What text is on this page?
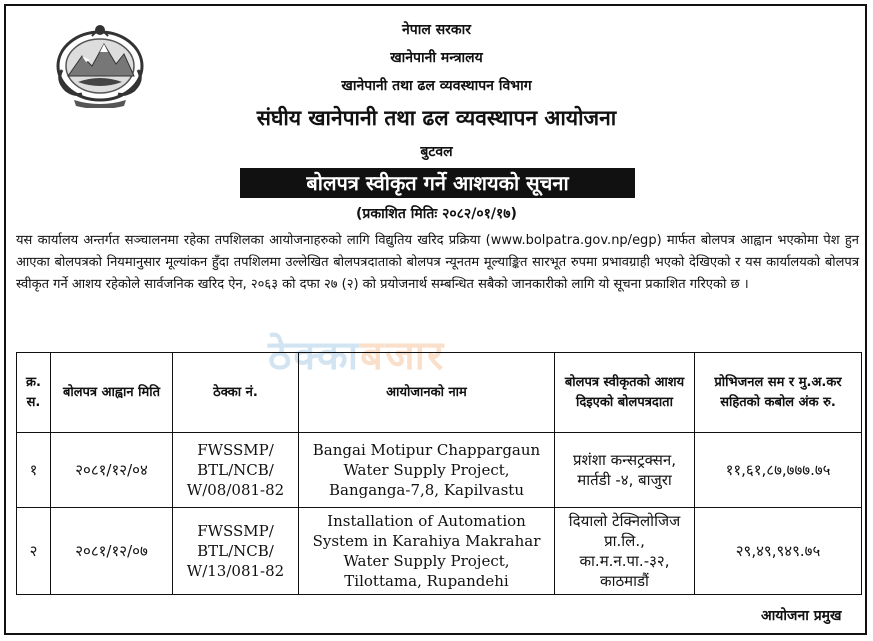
नेपाल सरकार
खानेपानी मन्त्रालय
खानेपानी तथा ढल व्यवस्थापन विभाग
संघीय खानेपानी तथा ढल व्यवस्थापन आयोजना
बुटवल
बोलपत्र स्वीकृत गर्ने आशयको सूचना
(प्रकाशित मितिः २०८२/०१/१७)
यस कार्यालय अन्तर्गत सञ्चालनमा रहेका तपशिलका आयोजनाहरुको लागि विद्युतिय खरिद प्रक्रिया (www.bolpatra.gov.np/egp) मार्फत बोलपत्र आह्वान भएकोमा पेश हुन आएका बोलपत्रको नियमानुसार मूल्यांकन हुँदा तपशिलमा उल्लेखित बोलपत्रदाताको बोलपत्र न्यूनतम मूल्याङ्कित सारभूत रुपमा प्रभावग्राही भएको देखिएको र यस कार्यालयको बोलपत्र स्वीकृत गर्ने आशय रहेकोले सार्वजनिक खरिद ऐन, २०६३ को दफा २७ (२) को प्रयोजनार्थ सम्बन्धित सबैको जानकारीको लागि यो सूचना प्रकाशित गरिएको छ ।
ठेक्काबजार
क्र. स.	बोलपत्र आह्वान मिति	ठेक्का नं.	आयोजानको नाम	बोलपत्र स्वीकृतको आशय दिइएको बोलपत्रदाता	प्रोभिजनल सम र मु.अ.कर सहितको कबोल अंक रु.
१	२०८१/१२/०४	FWSSMP/ BTL/NCB/ W/08/081-82	Bangai Motipur Chappargaun Water Supply Project, Banganga-7,8, Kapilvastu	प्रशंशा कन्सट्रक्सन, मार्तडी -४, बाजुरा	११,६१,८७,७७७.७५
२	२०८१/१२/०७	FWSSMP/ BTL/NCB/ W/13/081-82	Installation of Automation System in Karahiya Makrahar Water Supply Project, Tilottama, Rupandehi	दियालो टेक्निलोजिज प्रा.लि., का.म.न.पा.-३२, काठमाडौं	२९,४९,९४९.७५
आयोजना प्रमुख
